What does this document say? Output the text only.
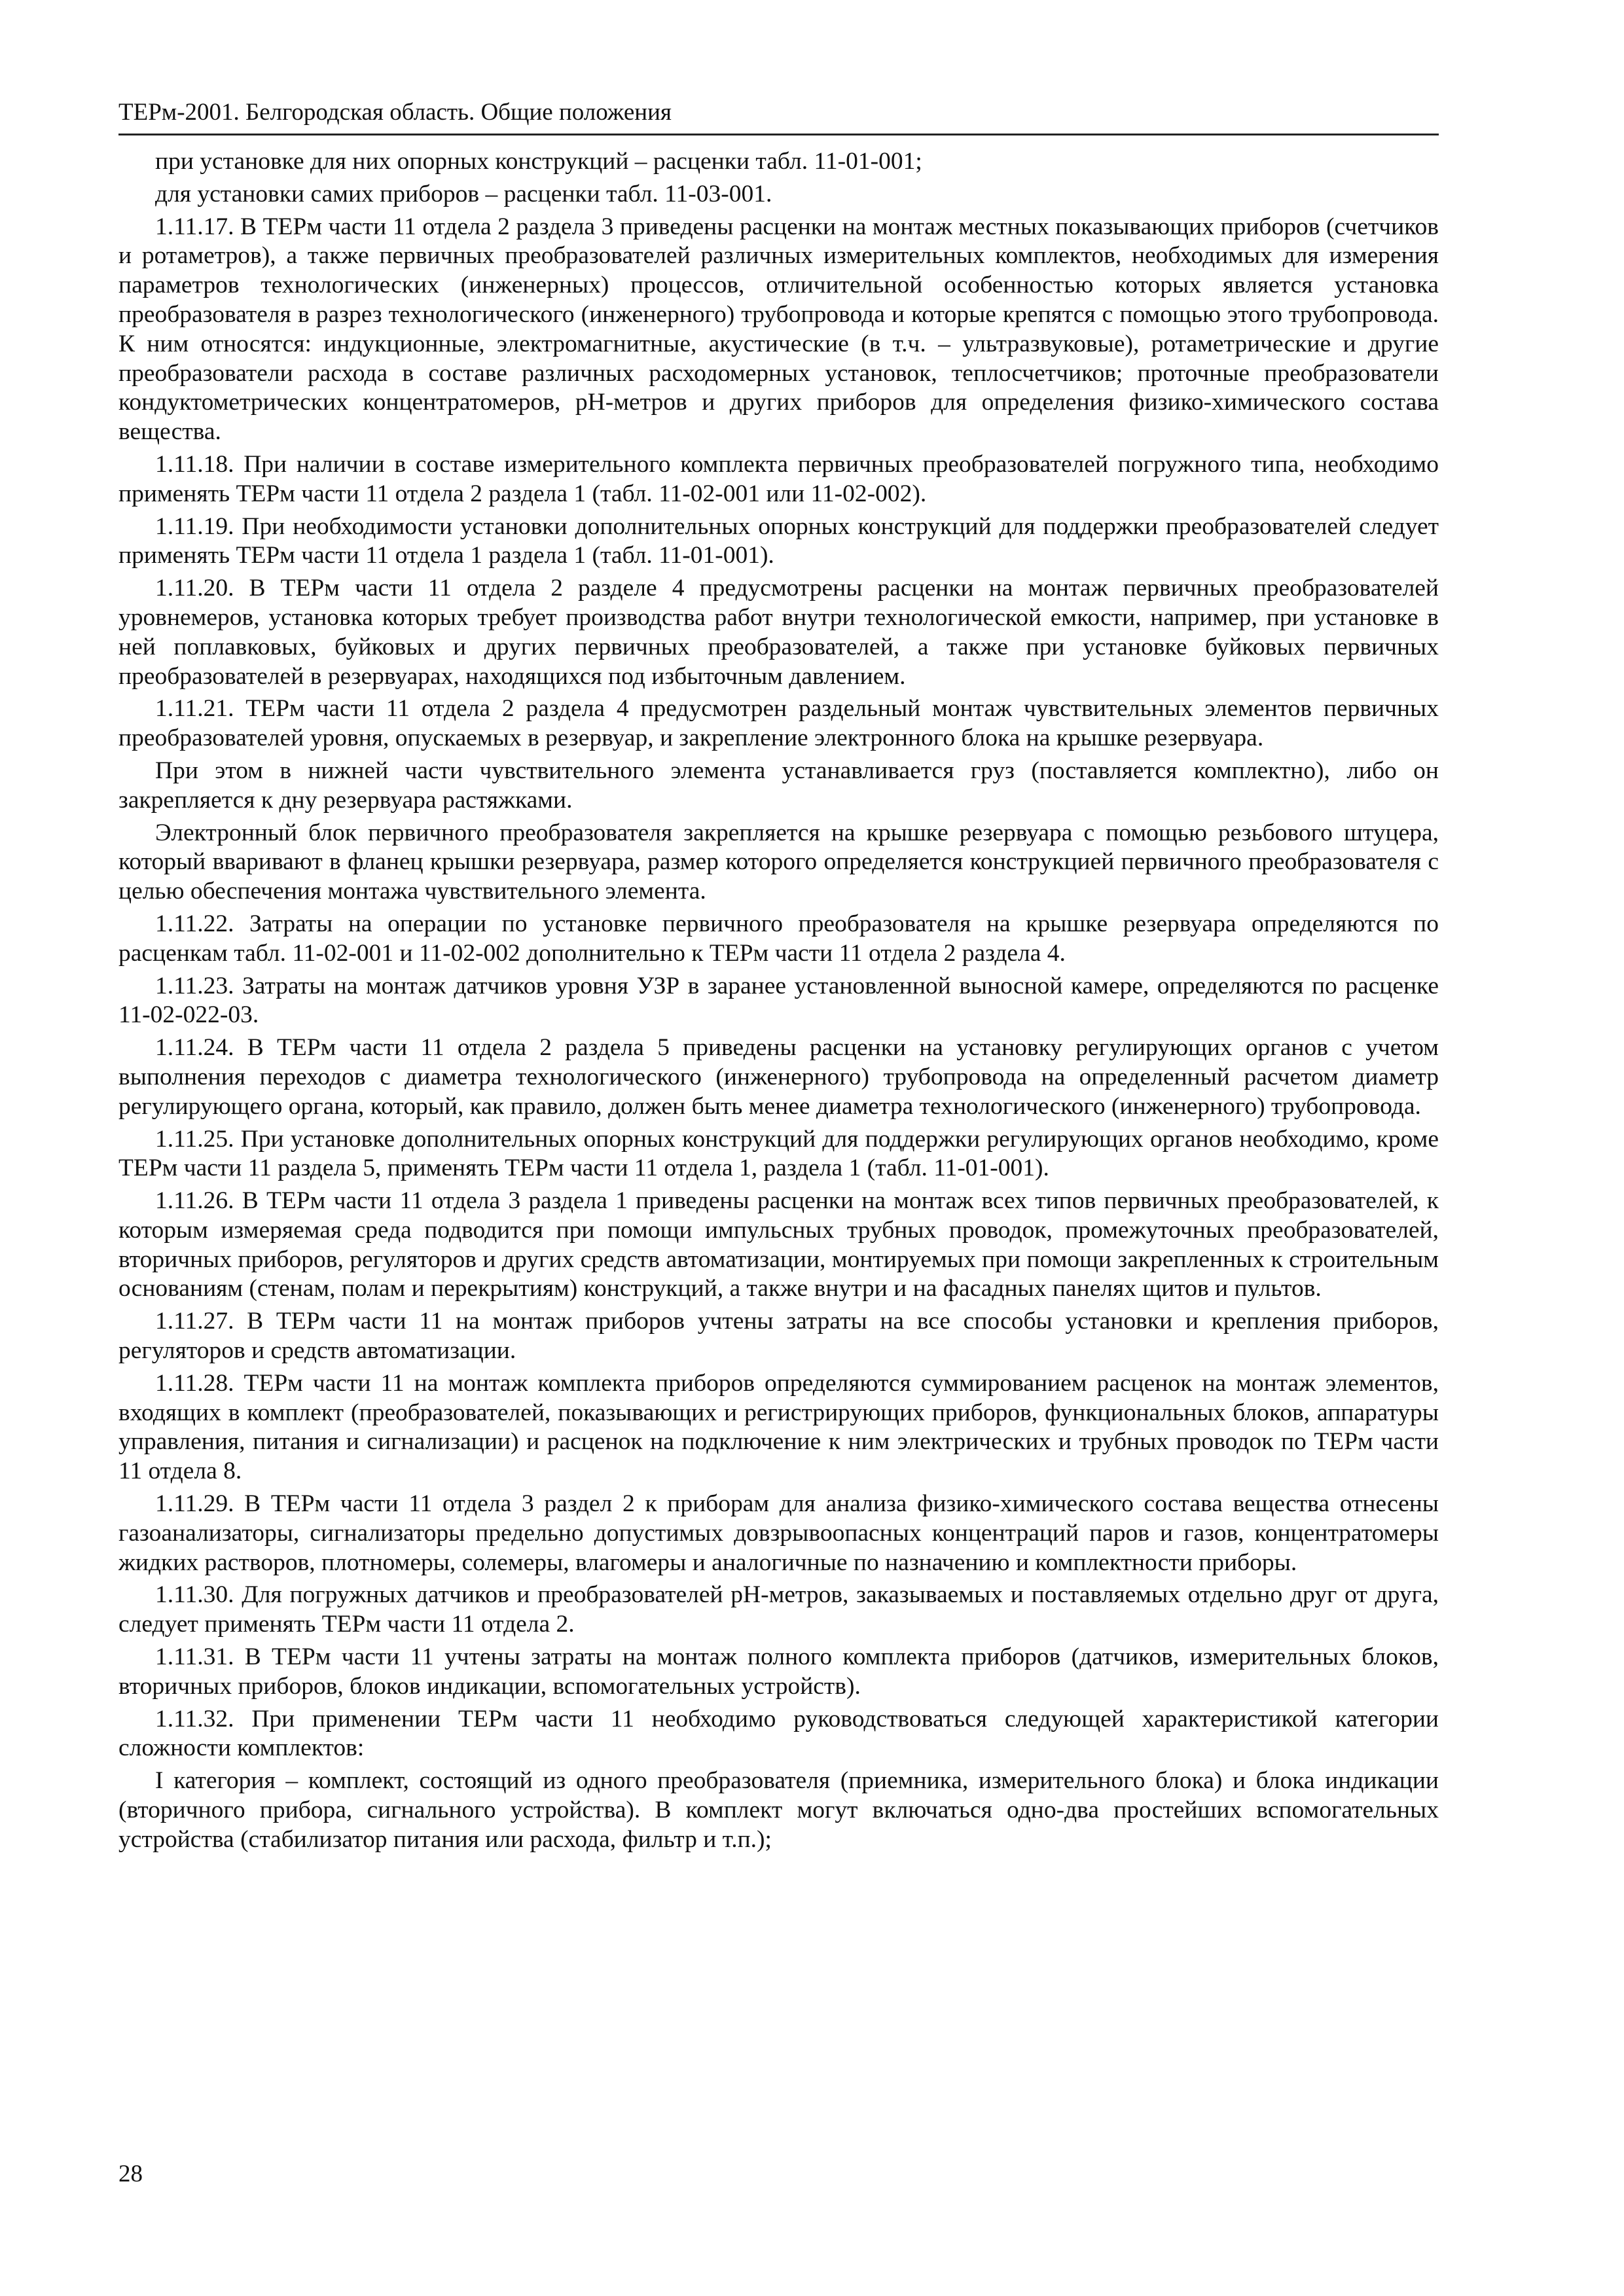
ТЕРм-2001. Белгородская область. Общие положения

при установке для них опорных конструкций – расценки табл. 11-01-001;

для установки самих приборов – расценки табл. 11-03-001.

1.11.17. В ТЕРм части 11 отдела 2 раздела 3 приведены расценки на монтаж местных показывающих приборов (счетчиков и ротаметров), а также первичных преобразователей различных измерительных комплектов, необходимых для измерения параметров технологических (инженерных) процессов, отличительной особенностью которых является установка преобразователя в разрез технологического (инженерного) трубопровода и которые крепятся с помощью этого трубопровода. К ним относятся: индукционные, электромагнитные, акустические (в т.ч. – ультразвуковые), ротаметрические и другие преобразователи расхода в составе различных расходомерных установок, теплосчетчиков; проточные преобразователи кондуктометрических концентратомеров, pH-метров и других приборов для определения физико-химического состава вещества.

1.11.18. При наличии в составе измерительного комплекта первичных преобразователей погружного типа, необходимо применять ТЕРм части 11 отдела 2 раздела 1 (табл. 11-02-001 или 11-02-002).

1.11.19. При необходимости установки дополнительных опорных конструкций для поддержки преобразователей следует применять ТЕРм части 11 отдела 1 раздела 1 (табл. 11-01-001).

1.11.20. В ТЕРм части 11 отдела 2 разделе 4 предусмотрены расценки на монтаж первичных преобразователей уровнемеров, установка которых требует производства работ внутри технологической емкости, например, при установке в ней поплавковых, буйковых и других первичных преобразователей, а также при установке буйковых первичных преобразователей в резервуарах, находящихся под избыточным давлением.

1.11.21. ТЕРм части 11 отдела 2 раздела 4 предусмотрен раздельный монтаж чувствительных элементов первичных преобразователей уровня, опускаемых в резервуар, и закрепление электронного блока на крышке резервуара.

При этом в нижней части чувствительного элемента устанавливается груз (поставляется комплектно), либо он закрепляется к дну резервуара растяжками.

Электронный блок первичного преобразователя закрепляется на крышке резервуара с помощью резьбового штуцера, который вваривают в фланец крышки резервуара, размер которого определяется конструкцией первичного преобразователя с целью обеспечения монтажа чувствительного элемента.

1.11.22. Затраты на операции по установке первичного преобразователя на крышке резервуара определяются по расценкам табл. 11-02-001 и 11-02-002 дополнительно к ТЕРм части 11 отдела 2 раздела 4.

1.11.23. Затраты на монтаж датчиков уровня УЗР в заранее установленной выносной камере, определяются по расценке 11-02-022-03.

1.11.24. В ТЕРм части 11 отдела 2 раздела 5 приведены расценки на установку регулирующих органов с учетом выполнения переходов с диаметра технологического (инженерного) трубопровода на определенный расчетом диаметр регулирующего органа, который, как правило, должен быть менее диаметра технологического (инженерного) трубопровода.

1.11.25. При установке дополнительных опорных конструкций для поддержки регулирующих органов необходимо, кроме ТЕРм части 11 раздела 5, применять ТЕРм части 11 отдела 1, раздела 1 (табл. 11-01-001).

1.11.26. В ТЕРм части 11 отдела 3 раздела 1 приведены расценки на монтаж всех типов первичных преобразователей, к которым измеряемая среда подводится при помощи импульсных трубных проводок, промежуточных преобразователей, вторичных приборов, регуляторов и других средств автоматизации, монтируемых при помощи закрепленных к строительным основаниям (стенам, полам и перекрытиям) конструкций, а также внутри и на фасадных панелях щитов и пультов.

1.11.27. В ТЕРм части 11 на монтаж приборов учтены затраты на все способы установки и крепления приборов, регуляторов и средств автоматизации.

1.11.28. ТЕРм части 11 на монтаж комплекта приборов определяются суммированием расценок на монтаж элементов, входящих в комплект (преобразователей, показывающих и регистрирующих приборов, функциональных блоков, аппаратуры управления, питания и сигнализации) и расценок на подключение к ним электрических и трубных проводок по ТЕРм части 11 отдела 8.

1.11.29. В ТЕРм части 11 отдела 3 раздел 2 к приборам для анализа физико-химического состава вещества отнесены газоанализаторы, сигнализаторы предельно допустимых довзрывоопасных концентраций паров и газов, концентратомеры жидких растворов, плотномеры, солемеры, влагомеры и аналогичные по назначению и комплектности приборы.

1.11.30. Для погружных датчиков и преобразователей pH-метров, заказываемых и поставляемых отдельно друг от друга, следует применять ТЕРм части 11 отдела 2.

1.11.31. В ТЕРм части 11 учтены затраты на монтаж полного комплекта приборов (датчиков, измерительных блоков, вторичных приборов, блоков индикации, вспомогательных устройств).

1.11.32. При применении ТЕРм части 11 необходимо руководствоваться следующей характеристикой категории сложности комплектов:

I категория – комплект, состоящий из одного преобразователя (приемника, измерительного блока) и блока индикации (вторичного прибора, сигнального устройства). В комплект могут включаться одно-два простейших вспомогательных устройства (стабилизатор питания или расхода, фильтр и т.п.);

28
